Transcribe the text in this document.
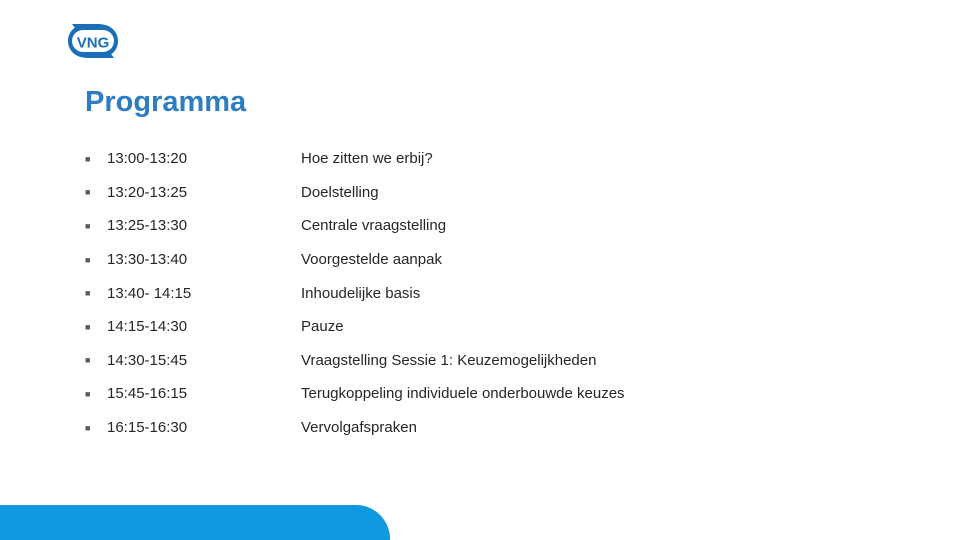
VNG
Programma
■	13:00-13:20	Hoe zitten we erbij?
■	13:20-13:25	Doelstelling
■	13:25-13:30	Centrale vraagstelling
■	13:30-13:40	Voorgestelde aanpak
■	13:40- 14:15	Inhoudelijke basis
■	14:15-14:30	Pauze
■	14:30-15:45	Vraagstelling Sessie 1: Keuzemogelijkheden
■	15:45-16:15	Terugkoppeling individuele onderbouwde keuzes
■	16:15-16:30	Vervolgafspraken
